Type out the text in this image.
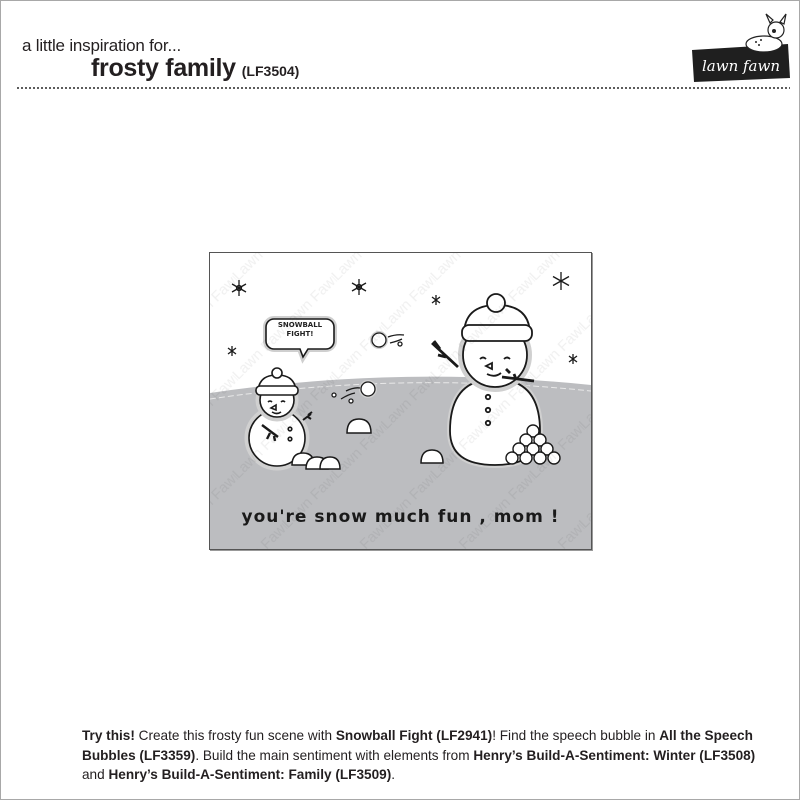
a little inspiration for...
frosty family (LF3504)	lawn fawn
SNOWBALL FIGHT!
you're snow much fun , mom !
Try this! Create this frosty fun scene with Snowball Fight (LF2941)! Find the speech bubble in All the Speech Bubbles (LF3359). Build the main sentiment with elements from Henry’s Build-A-Sentiment: Winter (LF3508) and Henry’s Build-A-Sentiment: Family (LF3509).
